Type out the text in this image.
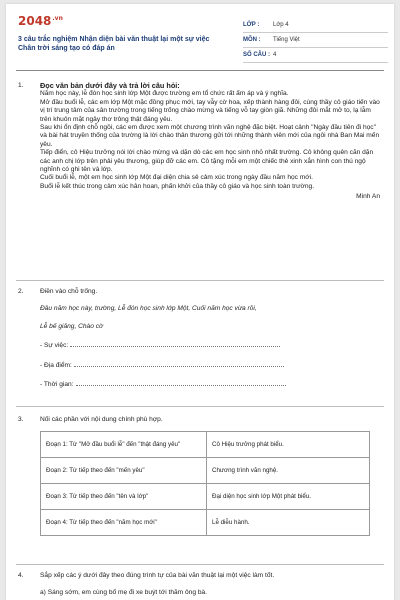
$2048^{.vn}$
3 câu trắc nghiệm Nhận diện bài văn thuật lại một sự việc
Chân trời sáng tạo có đáp án
LỚP :	Lớp 4
MÔN :	Tiếng Việt
SỐ CÂU : 4
1.	Đọc văn bản dưới đây và trả lời câu hỏi:

Năm học này, lễ đón học sinh lớp Một được trường em tổ chức rất ấm áp và ý nghĩa.

Mở đầu buổi lễ, các em lớp Một mặc đồng phục mới, tay vẫy cờ hoa, xếp thành hàng đôi, cùng thầy cô giáo tiến vào vị trí trung tâm của sân trường trong tiếng trống chào mừng và tiếng vỗ tay giòn giã. Những đôi mắt mở to, lạ lẫm trên khuôn mặt ngây thơ trông thật đáng yêu.

Sau khi ổn định chỗ ngồi, các em được xem một chương trình văn nghệ đặc biệt. Hoạt cảnh "Ngày đầu tiên đi học" và bài hát truyền thống của trường là lời chào thân thương gửi tới những thành viên mới của ngôi nhà Ban Mai mến yêu.

Tiếp điển, cô Hiệu trưởng nói lời chào mừng và dặn dò các em học sinh nhỏ nhất trường. Cô không quên căn dặn các anh chị lớp trên phải yêu thương, giúp đỡ các em. Cô tặng mỗi em một chiếc thẻ xinh xắn hình con thú ngộ nghĩnh có ghi tên và lớp.

Cuối buổi lễ, một em học sinh lớp Một đại diện chia sẻ cảm xúc trong ngày đầu năm học mới.

Buổi lễ kết thúc trong cảm xúc hân hoan, phấn khởi của thầy cô giáo và học sinh toàn trường.

Minh An
2.	Điền vào chỗ trống.
Đầu năm học này, trường, Lễ đón học sinh lớp Một, Cuối năm học vừa rồi,
Lễ bế giảng, Chào cờ
- Sự việc:
- Địa điểm:
- Thời gian:
3.	Nối các phần với nội dung chính phù hợp.
Đoạn 1: Từ "Mở đầu buổi lễ" đến "thật đáng yêu"	Cô Hiệu trưởng phát biểu.
Đoạn 2: Từ tiếp theo đến "mến yêu"	Chương trình văn nghệ.
Đoạn 3: Từ tiếp theo đến "tên và lớp"	Đại diện học sinh lớp Một phát biểu.
Đoạn 4: Từ tiếp theo đến "năm học mới"	Lễ diễu hành.
4.	Sắp xếp các ý dưới đây theo đúng trình tự của bài văn thuật lại một việc làm tốt.
a) Sáng sớm, em cùng bố mẹ đi xe buýt tới thăm ông bà.
